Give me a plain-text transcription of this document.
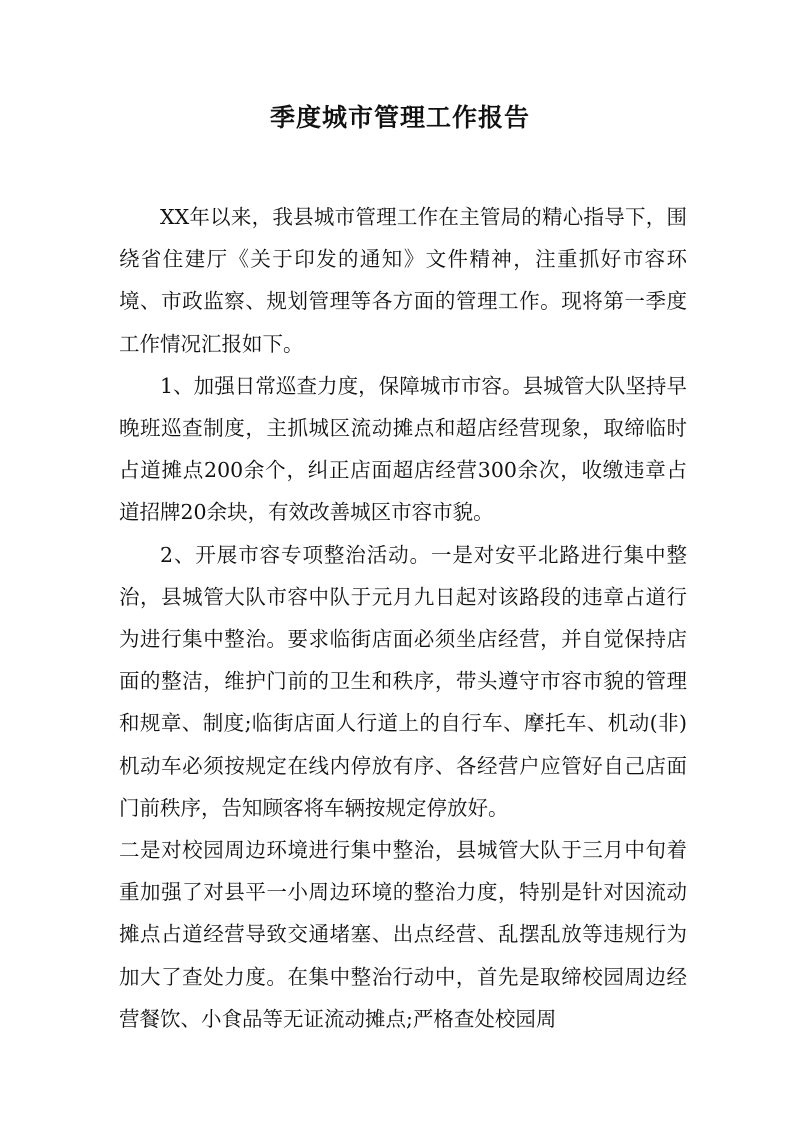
季度城市管理工作报告

XX年以来，我县城市管理工作在主管局的精心指导下，围绕省住建厅《关于印发的通知》文件精神，注重抓好市容环境、市政监察、规划管理等各方面的管理工作。现将第一季度工作情况汇报如下。

1、加强日常巡查力度，保障城市市容。县城管大队坚持早晚班巡查制度，主抓城区流动摊点和超店经营现象，取缔临时占道摊点200余个，纠正店面超店经营300余次，收缴违章占道招牌20余块，有效改善城区市容市貌。

2、开展市容专项整治活动。一是对安平北路进行集中整治，县城管大队市容中队于元月九日起对该路段的违章占道行为进行集中整治。要求临街店面必须坐店经营，并自觉保持店面的整洁，维护门前的卫生和秩序，带头遵守市容市貌的管理和规章、制度;临街店面人行道上的自行车、摩托车、机动(非)机动车必须按规定在线内停放有序、各经营户应管好自己店面门前秩序，告知顾客将车辆按规定停放好。

二是对校园周边环境进行集中整治，县城管大队于三月中旬着重加强了对县平一小周边环境的整治力度，特别是针对因流动摊点占道经营导致交通堵塞、出点经营、乱摆乱放等违规行为加大了查处力度。在集中整治行动中，首先是取缔校园周边经营餐饮、小食品等无证流动摊点;严格查处校园周
